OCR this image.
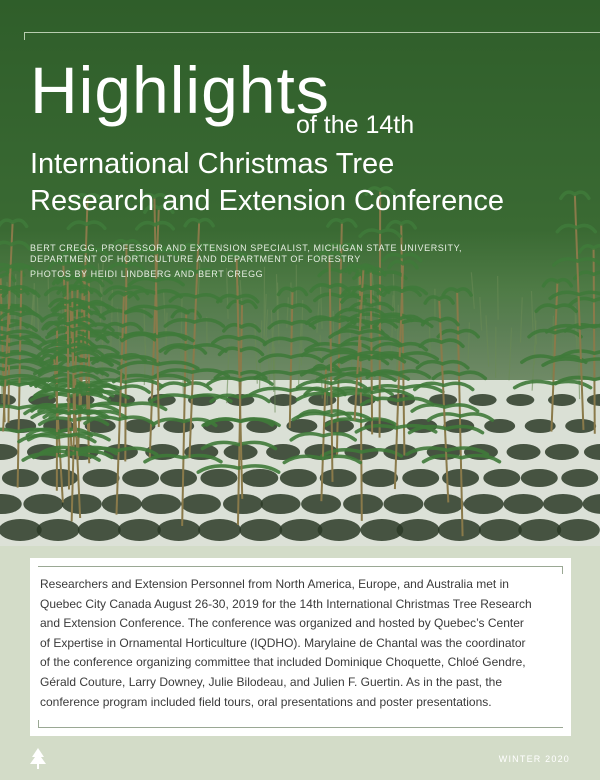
Highlights
of the 14th
International Christmas Tree
Research and Extension Conference
BERT CREGG, PROFESSOR AND EXTENSION SPECIALIST, MICHIGAN STATE UNIVERSITY,
DEPARTMENT OF HORTICULTURE AND DEPARTMENT OF FORESTRY
PHOTOS BY HEIDI LINDBERG AND BERT CREGG
Researchers and Extension Personnel from North America, Europe, and Australia met in
Quebec City Canada August 26-30, 2019 for the 14th International Christmas Tree Research
and Extension Conference. The conference was organized and hosted by Quebec’s Center
of Expertise in Ornamental Horticulture (IQDHO). Marylaine de Chantal was the coordinator
of the conference organizing committee that included Dominique Choquette, Chloé Gendre,
Gérald Couture, Larry Downey, Julie Bilodeau, and Julien F. Guertin. As in the past, the
conference program included field tours, oral presentations and poster presentations.
WINTER 2020
